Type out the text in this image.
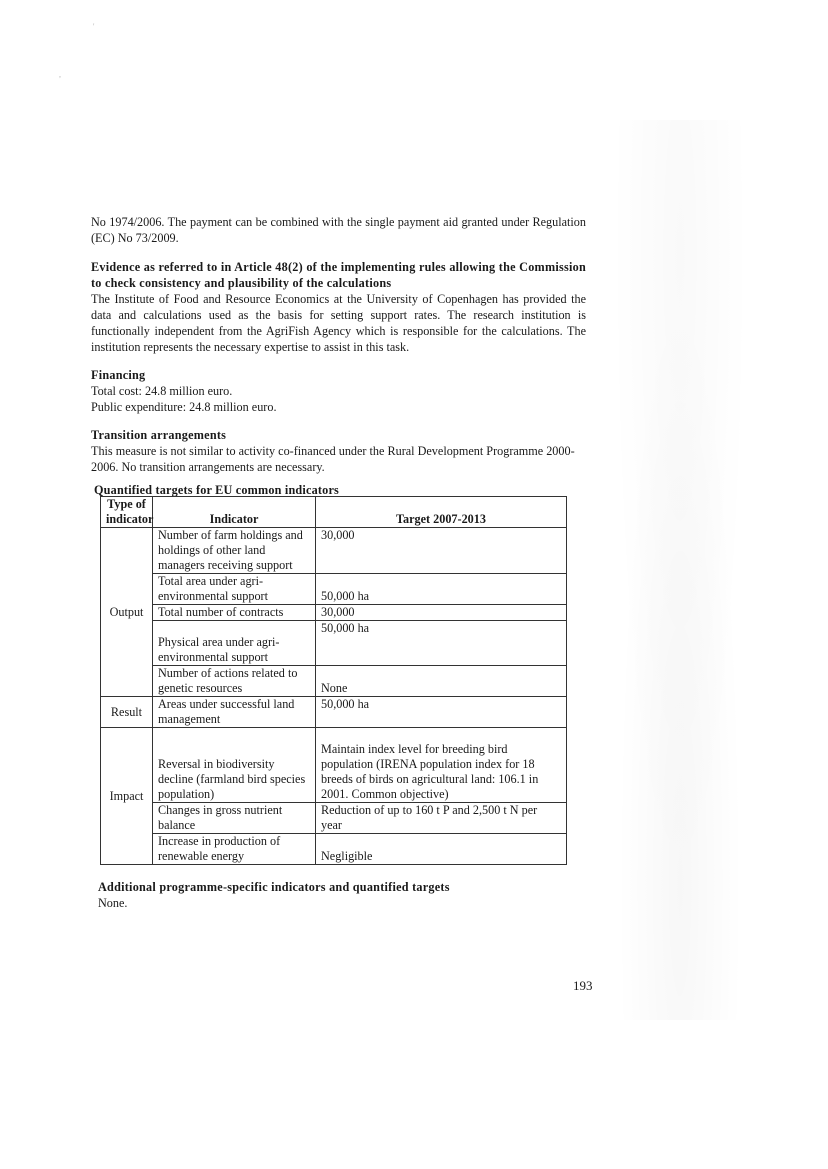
'
,

No 1974/2006. The payment can be combined with the single payment aid granted under Regulation (EC) No 73/2009.

Evidence as referred to in Article 48(2) of the implementing rules allowing the Commission to check consistency and plausibility of the calculations

The Institute of Food and Resource Economics at the University of Copenhagen has provided the data and calculations used as the basis for setting support rates. The research institution is functionally independent from the AgriFish Agency which is responsible for the calculations. The institution represents the necessary expertise to assist in this task.

Financing

Total cost: 24.8 million euro.

Public expenditure: 24.8 million euro.

Transition arrangements

This measure is not similar to activity co-financed under the Rural Development Programme 2000-2006. No transition arrangements are necessary.

Quantified targets for EU common indicators
Type of indicator	Indicator	Target 2007-2013
Output	Number of farm holdings and holdings of other land managers receiving support	30,000
	Total area under agri-environmental support	50,000 ha
	Total number of contracts	30,000
	Physical area under agri-environmental support	50,000 ha
	Number of actions related to genetic resources	None
Result	Areas under successful land management	50,000 ha
Impact	Reversal in biodiversity decline (farmland bird species population)	Maintain index level for breeding bird population (IRENA population index for 18 breeds of birds on agricultural land: 106.1 in 2001. Common objective)
	Changes in gross nutrient balance	Reduction of up to 160 t P and 2,500 t N per year
	Increase in production of renewable energy	Negligible

Additional programme-specific indicators and quantified targets

None.

193
